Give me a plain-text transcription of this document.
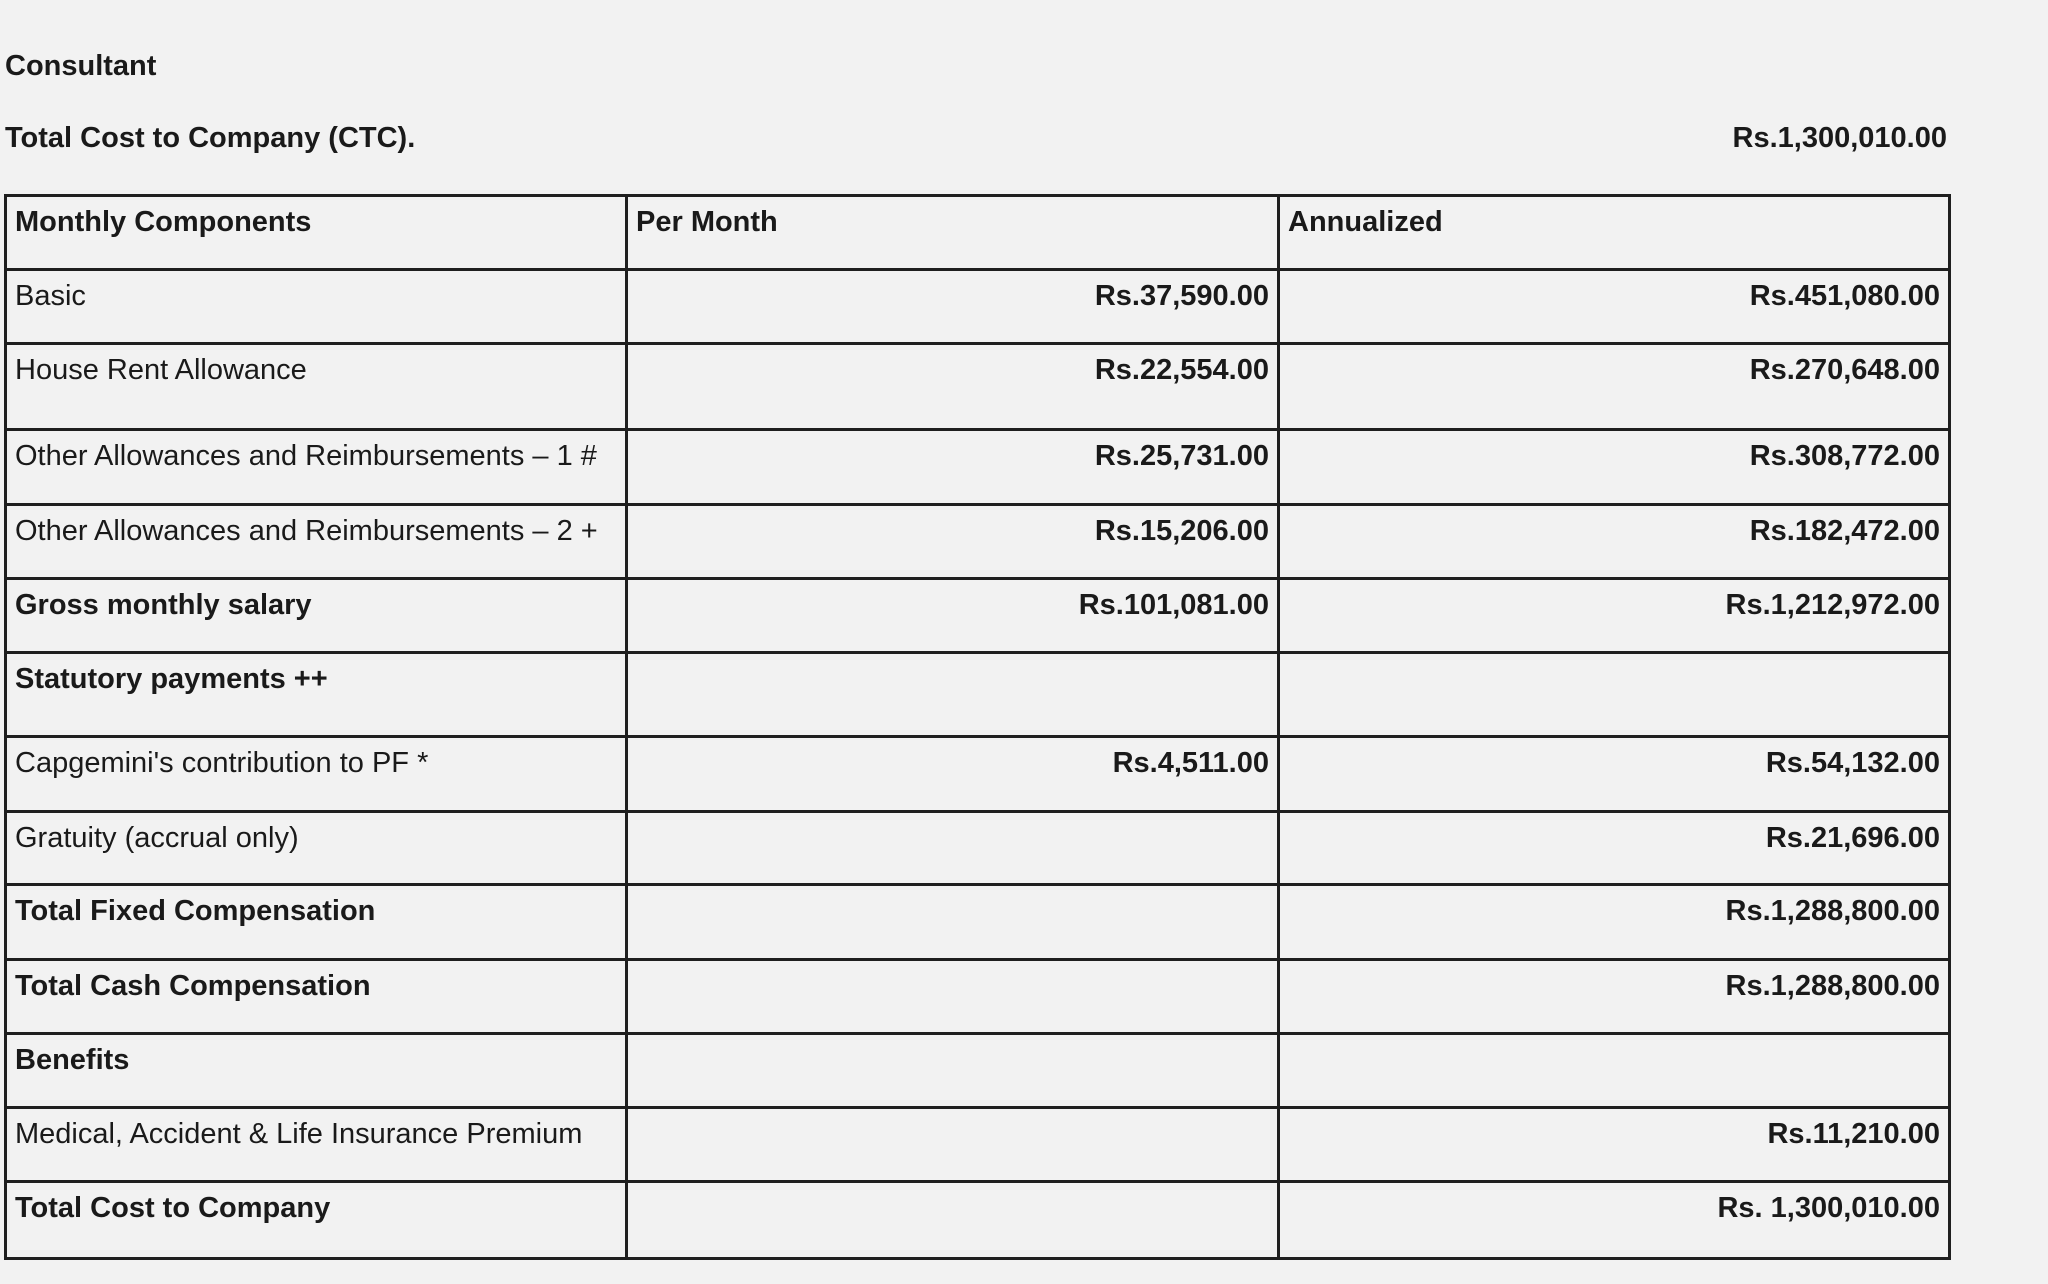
Consultant
Total Cost to Company (CTC).	Rs.1,300,010.00
Monthly Components	Per Month	Annualized
Basic	Rs.37,590.00	Rs.451,080.00
House Rent Allowance	Rs.22,554.00	Rs.270,648.00
Other Allowances and Reimbursements – 1 #	Rs.25,731.00	Rs.308,772.00
Other Allowances and Reimbursements – 2 +	Rs.15,206.00	Rs.182,472.00
Gross monthly salary	Rs.101,081.00	Rs.1,212,972.00
Statutory payments ++		
Capgemini's contribution to PF *	Rs.4,511.00	Rs.54,132.00
Gratuity (accrual only)		Rs.21,696.00
Total Fixed Compensation		Rs.1,288,800.00
Total Cash Compensation		Rs.1,288,800.00
Benefits		
Medical, Accident & Life Insurance Premium		Rs.11,210.00
Total Cost to Company		Rs. 1,300,010.00
